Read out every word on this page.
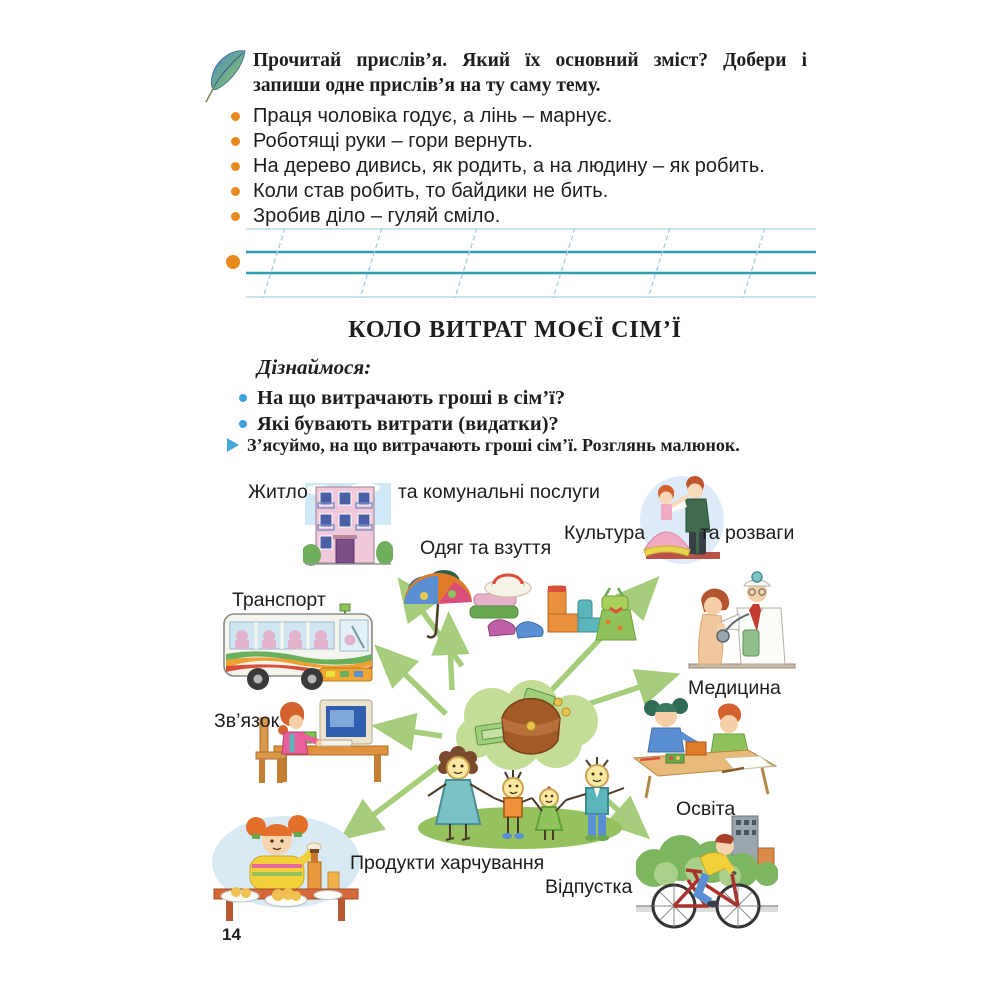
Прочитай прислів’я. Який їх основний зміст? Добери і запиши одне прислів’я на ту саму тему.
Праця чоловіка годує, а лінь – марнує.
Роботящі руки – гори вернуть.
На дерево дивись, як родить, а на людину – як робить.
Коли став робить, то байдики не бить.
Зробив діло – гуляй сміло.
КОЛО ВИТРАТ МОЄЇ СІМ’Ї
Дізнаймося:
На що витрачають гроші в сім’ї?
Які бувають витрати (видатки)?
З’ясуймо, на що витрачають гроші сім’ї. Розглянь малюнок.
Житло	та комунальні послуги
Одяг та взуття
Культура	та розваги
Транспорт
Медицина
Зв’язок
Освіта
Продукти харчування
Відпустка
14
